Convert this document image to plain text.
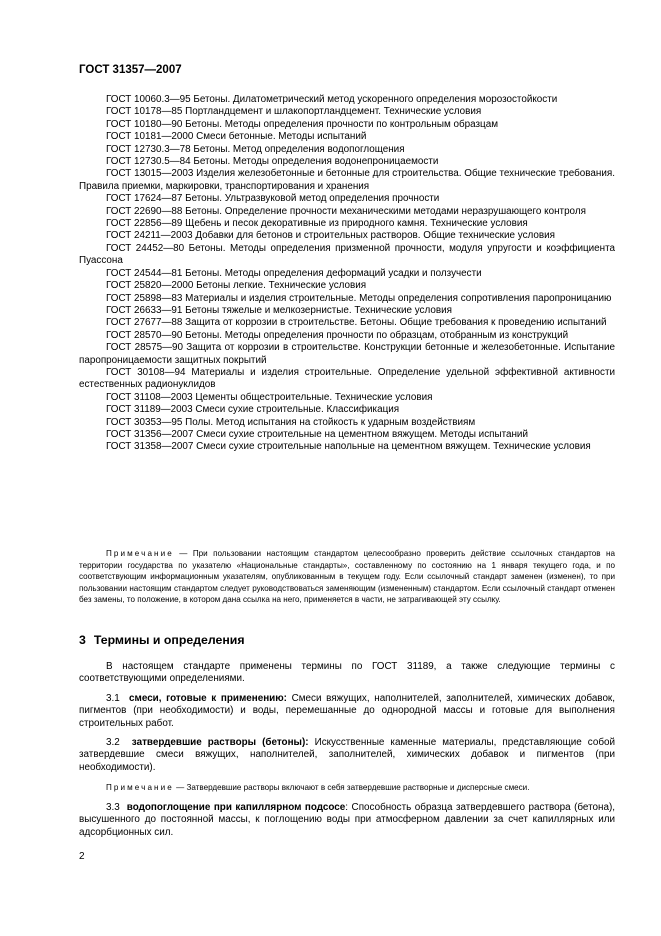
ГОСТ 31357—2007

ГОСТ 10060.3—95 Бетоны. Дилатометрический метод ускоренного определения морозостойкости

ГОСТ 10178—85 Портландцемент и шлакопортландцемент. Технические условия

ГОСТ 10180—90 Бетоны. Методы определения прочности по контрольным образцам

ГОСТ 10181—2000 Смеси бетонные. Методы испытаний

ГОСТ 12730.3—78 Бетоны. Метод определения водопоглощения

ГОСТ 12730.5—84 Бетоны. Методы определения водонепроницаемости

ГОСТ 13015—2003 Изделия железобетонные и бетонные для строительства. Общие технические требования. Правила приемки, маркировки, транспортирования и хранения

ГОСТ 17624—87 Бетоны. Ультразвуковой метод определения прочности

ГОСТ 22690—88 Бетоны. Определение прочности механическими методами неразрушающего контроля

ГОСТ 22856—89 Щебень и песок декоративные из природного камня. Технические условия

ГОСТ 24211—2003 Добавки для бетонов и строительных растворов. Общие технические условия

ГОСТ 24452—80 Бетоны. Методы определения призменной прочности, модуля упругости и коэффициента Пуассона

ГОСТ 24544—81 Бетоны. Методы определения деформаций усадки и ползучести

ГОСТ 25820—2000 Бетоны легкие. Технические условия

ГОСТ 25898—83 Материалы и изделия строительные. Методы определения сопротивления паропроницанию

ГОСТ 26633—91 Бетоны тяжелые и мелкозернистые. Технические условия

ГОСТ 27677—88 Защита от коррозии в строительстве. Бетоны. Общие требования к проведению испытаний

ГОСТ 28570—90 Бетоны. Методы определения прочности по образцам, отобранным из конструкций

ГОСТ 28575—90 Защита от коррозии в строительстве. Конструкции бетонные и железобетонные. Испытание паропроницаемости защитных покрытий

ГОСТ 30108—94 Материалы и изделия строительные. Определение удельной эффективной активности естественных радионуклидов

ГОСТ 31108—2003 Цементы общестроительные. Технические условия

ГОСТ 31189—2003 Смеси сухие строительные. Классификация

ГОСТ 30353—95 Полы. Метод испытания на стойкость к ударным воздействиям

ГОСТ 31356—2007 Смеси сухие строительные на цементном вяжущем. Методы испытаний

ГОСТ 31358—2007 Смеси сухие строительные напольные на цементном вяжущем. Технические условия

Примечание — При пользовании настоящим стандартом целесообразно проверить действие ссылочных стандартов на территории государства по указателю «Национальные стандарты», составленному по состоянию на 1 января текущего года, и по соответствующим информационным указателям, опубликованным в текущем году. Если ссылочный стандарт заменен (изменен), то при пользовании настоящим стандартом следует руководствоваться заменяющим (измененным) стандартом. Если ссылочный стандарт отменен без замены, то положение, в котором дана ссылка на него, применяется в части, не затрагивающей эту ссылку.

3 Термины и определения

В настоящем стандарте применены термины по ГОСТ 31189, а также следующие термины с соответствующими определениями.

3.1 смеси, готовые к применению: Смеси вяжущих, наполнителей, заполнителей, химических добавок, пигментов (при необходимости) и воды, перемешанные до однородной массы и готовые для выполнения строительных работ.

3.2 затвердевшие растворы (бетоны): Искусственные каменные материалы, представляющие собой затвердевшие смеси вяжущих, наполнителей, заполнителей, химических добавок и пигментов (при необходимости).

Примечание — Затвердевшие растворы включают в себя затвердевшие растворные и дисперсные смеси.

3.3 водопоглощение при капиллярном подсосе: Способность образца затвердевшего раствора (бетона), высушенного до постоянной массы, к поглощению воды при атмосферном давлении за счет капиллярных или адсорбционных сил.

2
